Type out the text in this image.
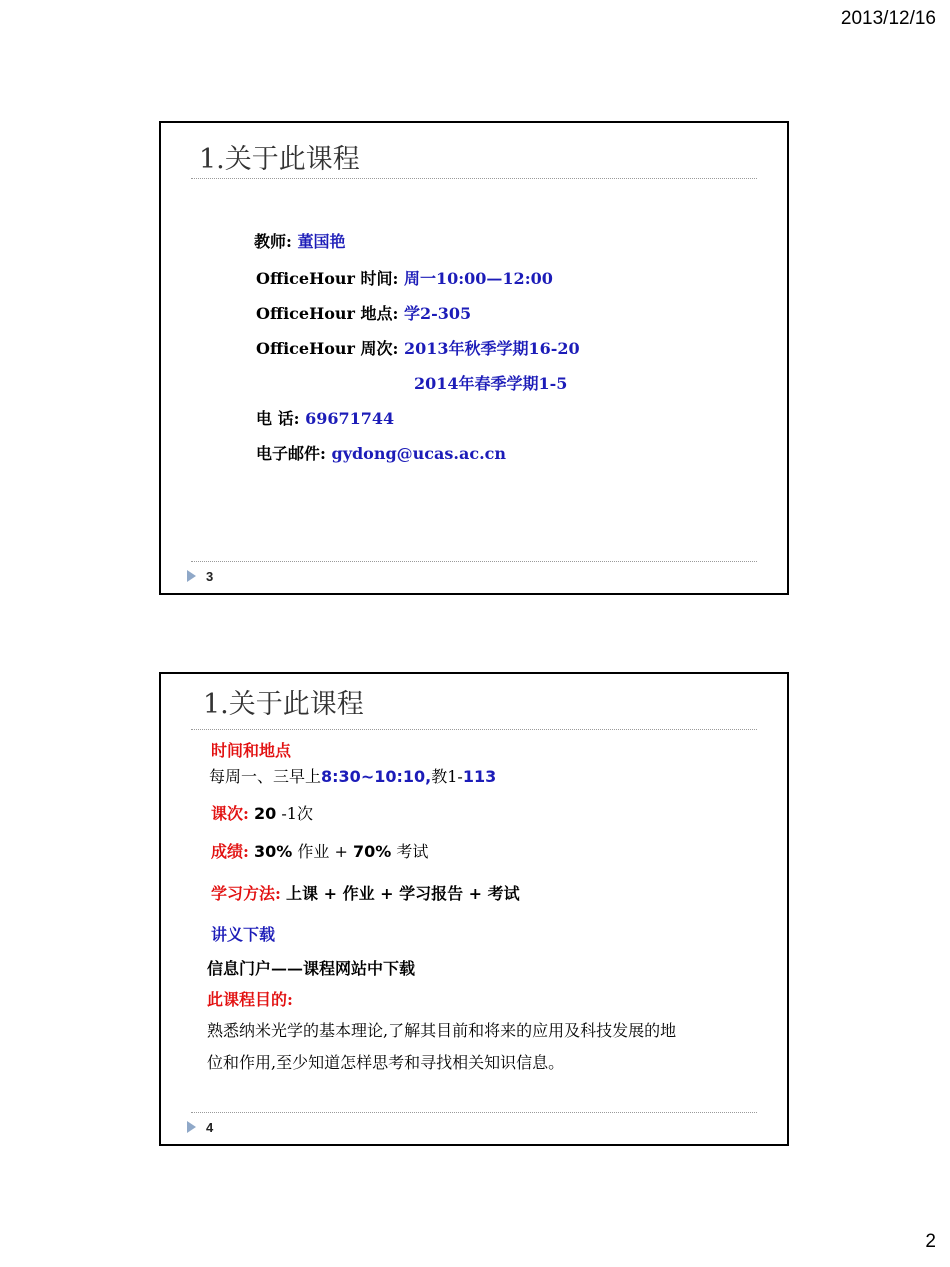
2013/12/16
1.关于此课程
教师: 董国艳
OfficeHour 时间: 周一10:00—12:00
OfficeHour 地点: 学2-305
OfficeHour 周次: 2013年秋季学期16-20
2014年春季学期1-5
电 话: 69671744
电子邮件: gydong@ucas.ac.cn
3
1.关于此课程
时间和地点
每周一、三早上8:30~10:10,教1-113
课次: 20 -1次
成绩: 30% 作业 + 70% 考试
学习方法: 上课 + 作业 + 学习报告 + 考试
讲义下载
信息门户——课程网站中下载
此课程目的:
熟悉纳米光学的基本理论,了解其目前和将来的应用及科技发展的地
位和作用,至少知道怎样思考和寻找相关知识信息。
4
2
